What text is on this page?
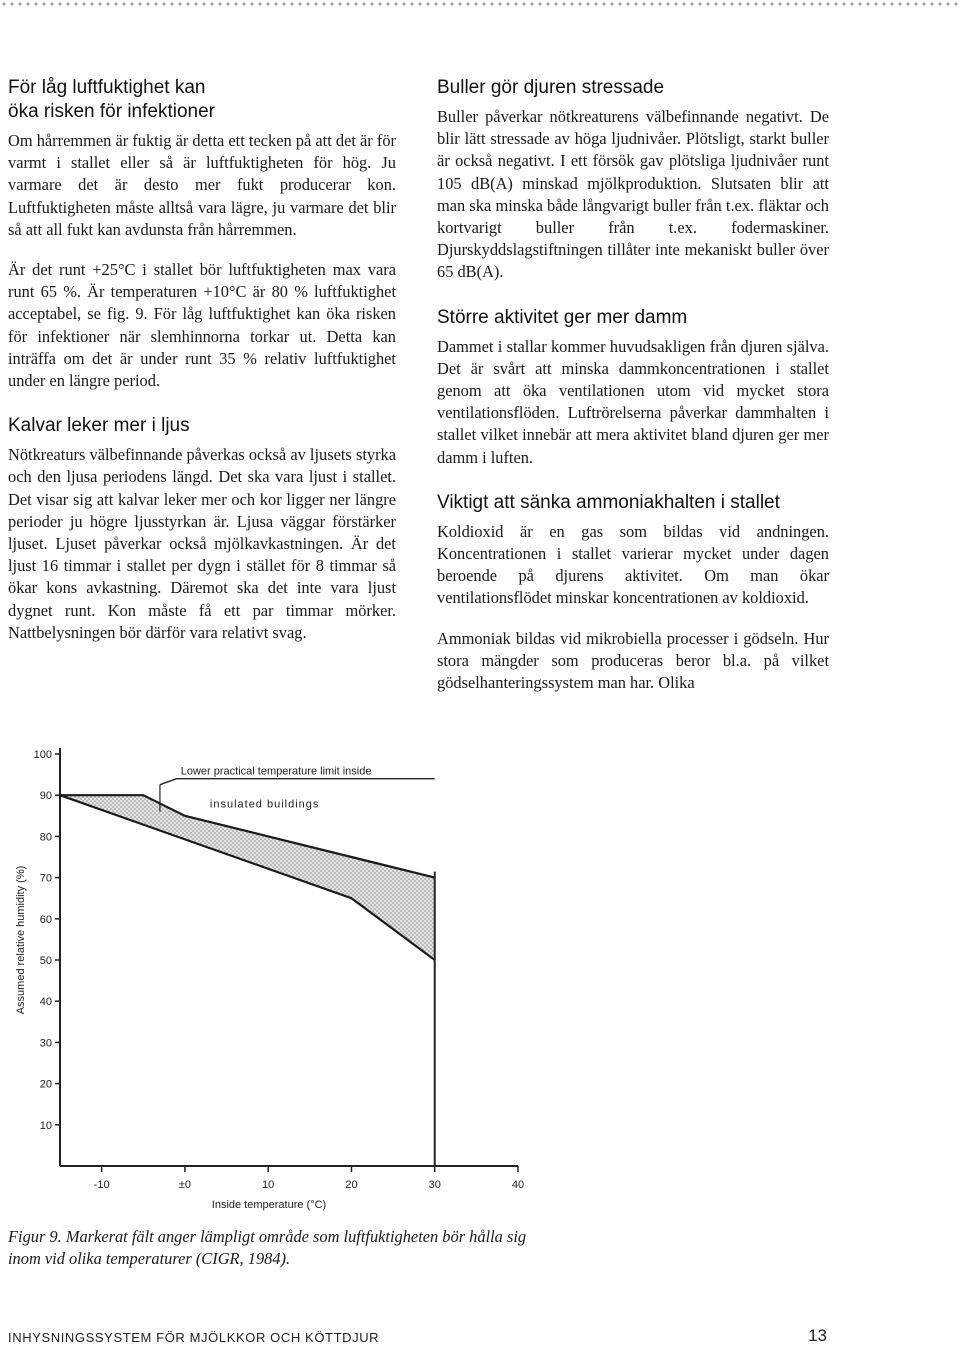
För låg luftfuktighet kan
öka risken för infektioner

Om hårremmen är fuktig är detta ett tecken på att det är för varmt i stallet eller så är luftfuktigheten för hög. Ju varmare det är desto mer fukt producerar kon. Luftfuktigheten måste alltså vara lägre, ju varmare det blir så att all fukt kan avdunsta från hårremmen.

Är det runt +25°C i stallet bör luftfuktigheten max vara runt 65 %. Är temperaturen +10°C är 80 % luftfuktighet acceptabel, se fig. 9. För låg luftfuktighet kan öka risken för infektioner när slemhinnorna torkar ut. Detta kan inträffa om det är under runt 35 % relativ luftfuktighet under en längre period.

Kalvar leker mer i ljus

Nötkreaturs välbefinnande påverkas också av ljusets styrka och den ljusa periodens längd. Det ska vara ljust i stallet. Det visar sig att kalvar leker mer och kor ligger ner längre perioder ju högre ljusstyrkan är. Ljusa väggar förstärker ljuset. Ljuset påverkar också mjölkavkastningen. Är det ljust 16 timmar i stallet per dygn i stället för 8 timmar så ökar kons avkastning. Däremot ska det inte vara ljust dygnet runt. Kon måste få ett par timmar mörker. Nattbelysningen bör därför vara relativt svag.

Buller gör djuren stressade

Buller påverkar nötkreaturens välbefinnande negativt. De blir lätt stressade av höga ljudnivåer. Plötsligt, starkt buller är också negativt. I ett försök gav plötsliga ljudnivåer runt 105 dB(A) minskad mjölkproduktion. Slutsaten blir att man ska minska både långvarigt buller från t.ex. fläktar och kortvarigt buller från t.ex. fodermaskiner. Djurskyddslagstiftningen tillåter inte mekaniskt buller över 65 dB(A).

Större aktivitet ger mer damm

Dammet i stallar kommer huvudsakligen från djuren själva. Det är svårt att minska dammkoncentrationen i stallet genom att öka ventilationen utom vid mycket stora ventilationsflöden. Luftrörelserna påverkar dammhalten i stallet vilket innebär att mera aktivitet bland djuren ger mer damm i luften.

Viktigt att sänka ammoniakhalten i stallet

Koldioxid är en gas som bildas vid andningen. Koncentrationen i stallet varierar mycket under dagen beroende på djurens aktivitet. Om man ökar ventilationsflödet minskar koncentrationen av koldioxid.

Ammoniak bildas vid mikrobiella processer i gödseln. Hur stora mängder som produceras beror bl.a. på vilket gödselhanteringssystem man har. Olika

100
90
80
70
60
50
40
30
20
10
-10	±0	10	20	30	40
Lower practical temperature limit inside
insulated buildings
Inside temperature (°C)
Assumed relative humidity (%)
Figur 9. Markerat fält anger lämpligt område som luftfuktigheten bör hålla sig inom vid olika temperaturer (CIGR, 1984).
INHYSNINGSSYSTEM FÖR MJÖLKKOR OCH KÖTTDJUR	13
